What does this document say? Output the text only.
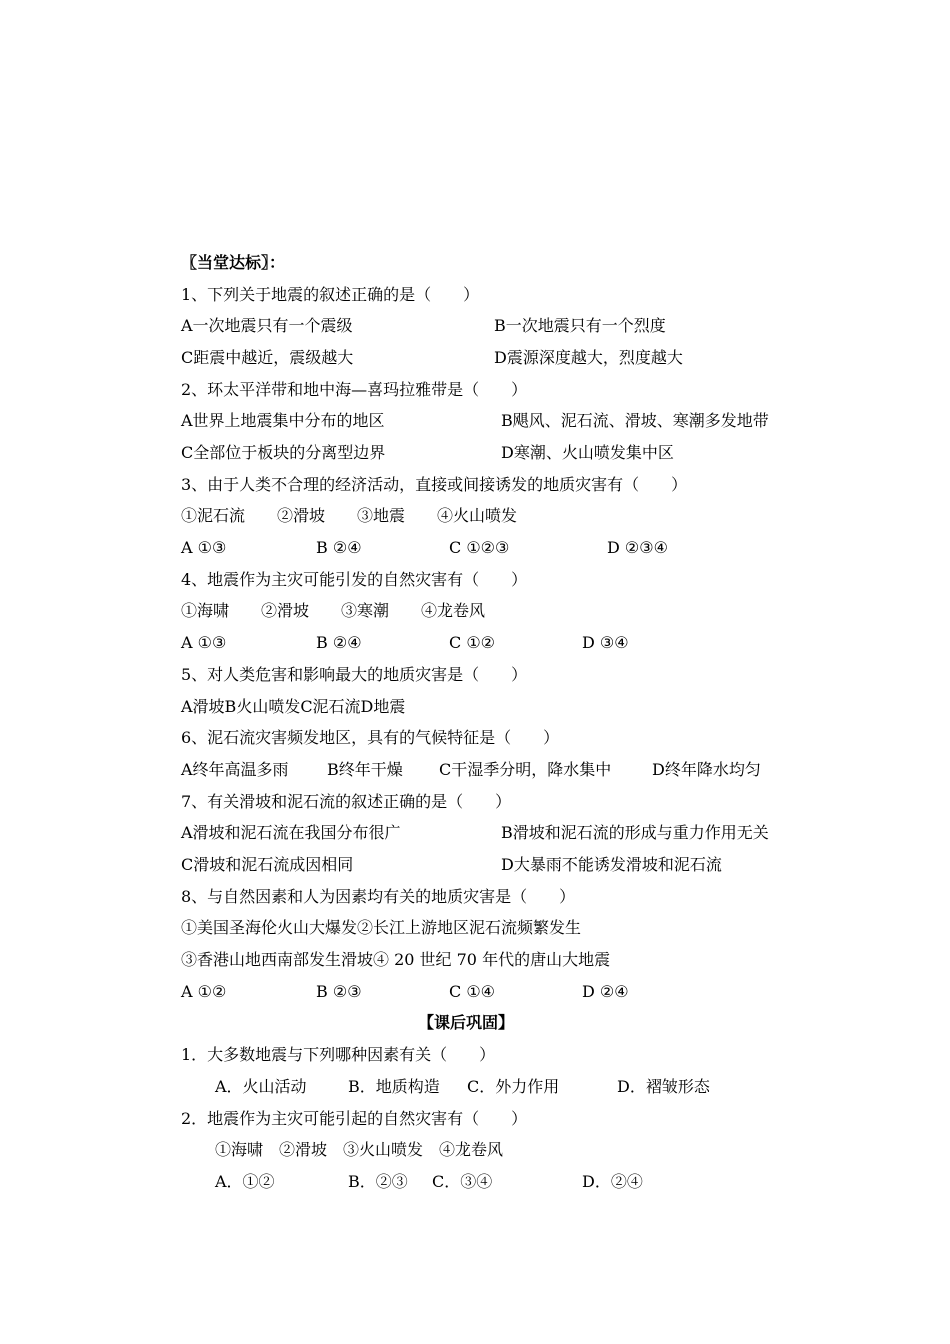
〖当堂达标〗：
1、下列关于地震的叙述正确的是（　　）
A一次地震只有一个震级	B一次地震只有一个烈度
C距震中越近，震级越大	D震源深度越大，烈度越大
2、环太平洋带和地中海—喜玛拉雅带是（　　）
A世界上地震集中分布的地区	B飓风、泥石流、滑坡、寒潮多发地带
C全部位于板块的分离型边界	D寒潮、火山喷发集中区
3、由于人类不合理的经济活动，直接或间接诱发的地质灾害有（　　）
①泥石流　　②滑坡　　③地震　　④火山喷发
A ①③	B ②④	C ①②③	D ②③④
4、地震作为主灾可能引发的自然灾害有（　　）
①海啸　　②滑坡　　③寒潮　　④龙卷风
A ①③	B ②④	C ①②	D ③④
5、对人类危害和影响最大的地质灾害是（　　）
A滑坡B火山喷发C泥石流D地震
6、泥石流灾害频发地区，具有的气候特征是（　　）
A终年高温多雨 B终年干燥 C干湿季分明，降水集中	D终年降水均匀
7、有关滑坡和泥石流的叙述正确的是（　　）
A滑坡和泥石流在我国分布很广	B滑坡和泥石流的形成与重力作用无关
C滑坡和泥石流成因相同	D大暴雨不能诱发滑坡和泥石流
8、与自然因素和人为因素均有关的地质灾害是（　　）
①美国圣海伦火山大爆发②长江上游地区泥石流频繁发生
③香港山地西南部发生滑坡④ 20 世纪 70 年代的唐山大地震
A ①②	B ②③	C ①④	D ②④
【课后巩固】
1．大多数地震与下列哪种因素有关（　　）
A．火山活动	B．地质构造 C．外力作用	D．褶皱形态
2．地震作为主灾可能引起的自然灾害有（　　）
①海啸　②滑坡　③火山喷发　④龙卷风
A．①②	B．②③ C．③④	D．②④
